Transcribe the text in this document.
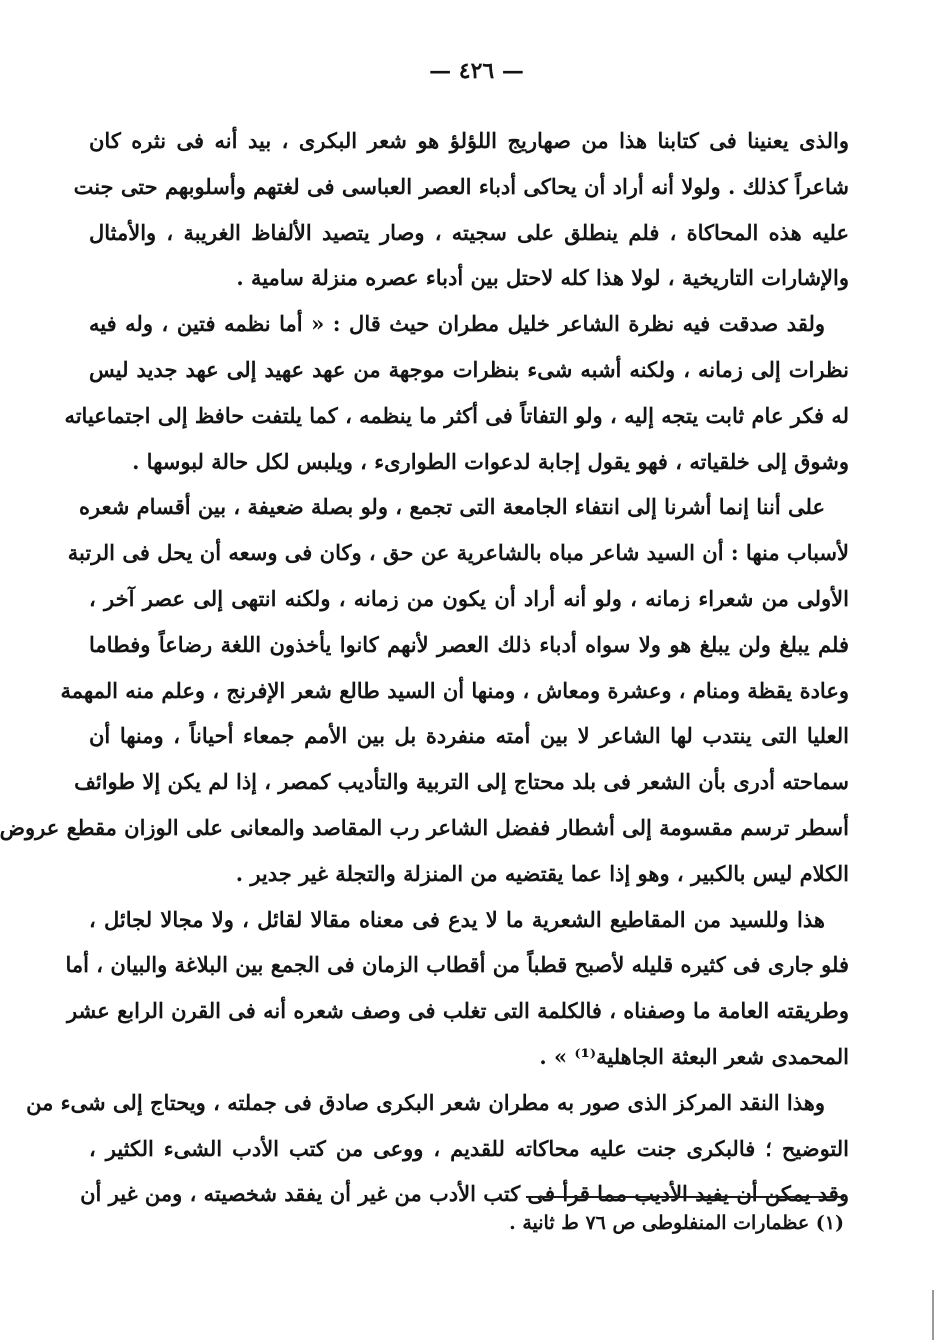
— ٤٢٦ —
والذى يعنينا فى كتابنا هذا من صهاريج اللؤلؤ هو شعر البكرى ، بيد أنه فى نثره كان
شاعراً كذلك . ولولا أنه أراد أن يحاكى أدباء العصر العباسى فى لغتهم وأسلوبهم حتى جنت
عليه هذه المحاكاة ، فلم ينطلق على سجيته ، وصار يتصيد الألفاظ الغريبة ، والأمثال
والإشارات التاريخية ، لولا هذا كله لاحتل بين أدباء عصره منزلة سامية .
ولقد صدقت فيه نظرة الشاعر خليل مطران حيث قال : « أما نظمه فتين ، وله فيه
نظرات إلى زمانه ، ولكنه أشبه شىء بنظرات موجهة من عهد عهيد إلى عهد جديد ليس
له فكر عام ثابت يتجه إليه ، ولو التفاتاً فى أكثر ما ينظمه ، كما يلتفت حافظ إلى اجتماعياته
وشوق إلى خلقياته ، فهو يقول إجابة لدعوات الطوارىء ، ويلبس لكل حالة لبوسها .
على أننا إنما أشرنا إلى انتفاء الجامعة التى تجمع ، ولو بصلة ضعيفة ، بين أقسام شعره
لأسباب منها : أن السيد شاعر مباه بالشاعرية عن حق ، وكان فى وسعه أن يحل فى الرتبة
الأولى من شعراء زمانه ، ولو أنه أراد أن يكون من زمانه ، ولكنه انتهى إلى عصر آخر ،
فلم يبلغ ولن يبلغ هو ولا سواه أدباء ذلك العصر لأنهم كانوا يأخذون اللغة رضاعاً وفطاما
وعادة يقظة ومنام ، وعشرة ومعاش ، ومنها أن السيد طالع شعر الإفرنج ، وعلم منه المهمة
العليا التى ينتدب لها الشاعر لا بين أمته منفردة بل بين الأمم جمعاء أحياناً ، ومنها أن
سماحته أدرى بأن الشعر فى بلد محتاج إلى التربية والتأديب كمصر ، إذا لم يكن إلا طوائف
أسطر ترسم مقسومة إلى أشطار ففضل الشاعر رب المقاصد والمعانى على الوزان مقطع عروض
الكلام ليس بالكبير ، وهو إذا عما يقتضيه من المنزلة والتجلة غير جدير .
هذا وللسيد من المقاطيع الشعرية ما لا يدع فى معناه مقالا لقائل ، ولا مجالا لجائل ،
فلو جارى فى كثيره قليله لأصبح قطباً من أقطاب الزمان فى الجمع بين البلاغة والبيان ، أما
وطريقته العامة ما وصفناه ، فالكلمة التى تغلب فى وصف شعره أنه فى القرن الرابع عشر
المحمدى شعر البعثة الجاهلية⁽¹⁾ » .
وهذا النقد المركز الذى صور به مطران شعر البكرى صادق فى جملته ، ويحتاج إلى شىء من
التوضيح ؛ فالبكرى جنت عليه محاكاته للقديم ، ووعى من كتب الأدب الشىء الكثير ،
وقد يمكن أن يفيد الأديب مما قرأ فى كتب الأدب من غير أن يفقد شخصيته ، ومن غير أن
(١) عظمارات المنفلوطى ص ٧٦ ط ثانية .
